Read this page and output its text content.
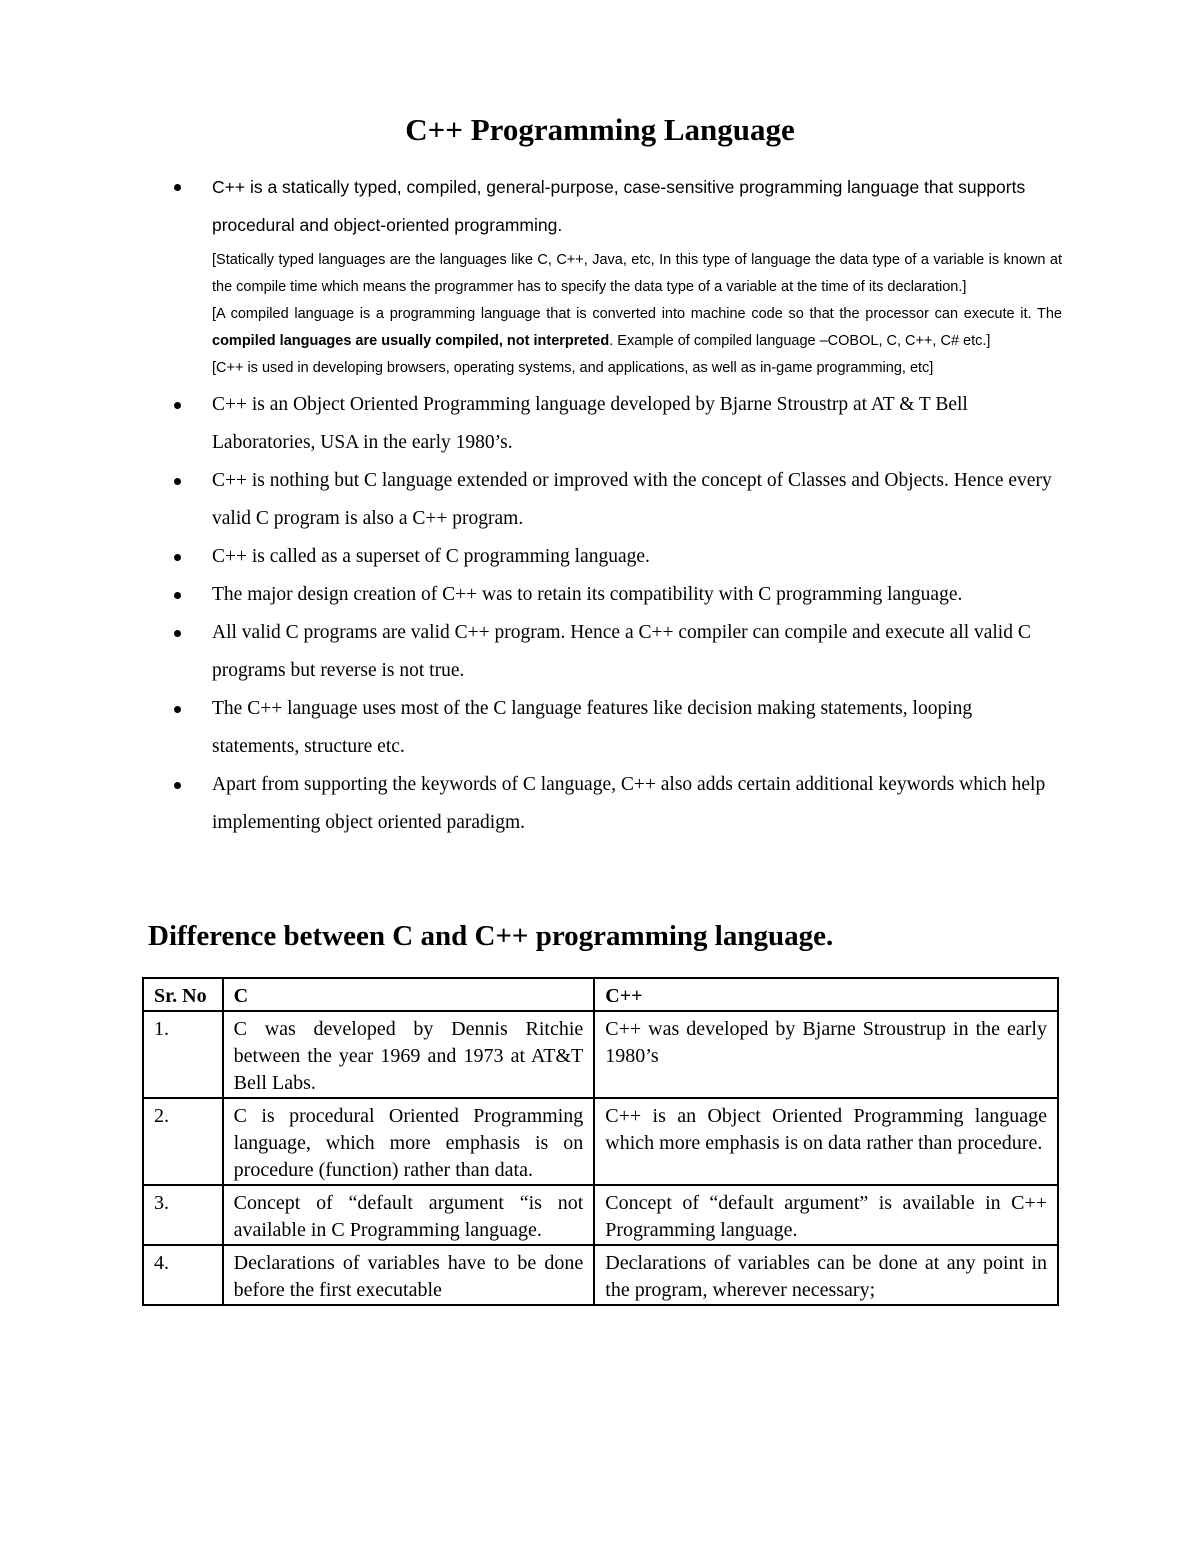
C++ Programming Language
C++ is a statically typed, compiled, general-purpose, case-sensitive programming language that supports procedural and object-oriented programming.

[Statically typed languages are the languages like C, C++, Java, etc, In this type of language the data type of a variable is known at the compile time which means the programmer has to specify the data type of a variable at the time of its declaration.]

[A compiled language is a programming language that is converted into machine code so that the processor can execute it. The compiled languages are usually compiled, not interpreted. Example of compiled language –COBOL, C, C++, C# etc.]

[C++ is used in developing browsers, operating systems, and applications, as well as in-game programming, etc]

C++ is an Object Oriented Programming language developed by Bjarne Stroustrp at AT & T Bell Laboratories, USA in the early 1980’s.
C++ is nothing but C language extended or improved with the concept of Classes and Objects. Hence every valid C program is also a C++ program.
C++ is called as a superset of C programming language.
The major design creation of C++ was to retain its compatibility with C programming language.
All valid C programs are valid C++ program. Hence a C++ compiler can compile and execute all valid C programs but reverse is not true.
The C++ language uses most of the C language features like decision making statements, looping statements, structure etc.
Apart from supporting the keywords of C language, C++ also adds certain additional keywords which help implementing object oriented paradigm.
Difference between C and C++ programming language.
Sr. No	C	C++
1.	C was developed by Dennis Ritchie between the year 1969 and 1973 at AT&T Bell Labs.	C++ was developed by Bjarne Stroustrup in the early 1980’s
2.	C is procedural Oriented Programming language, which more emphasis is on procedure (function) rather than data.	C++ is an Object Oriented Programming language which more emphasis is on data rather than procedure.
3.	Concept of “default argument “is not available in C Programming language.	Concept of “default argument” is available in C++ Programming language.
4.	Declarations of variables have to be done before the first executable	Declarations of variables can be done at any point in the program, wherever necessary;
